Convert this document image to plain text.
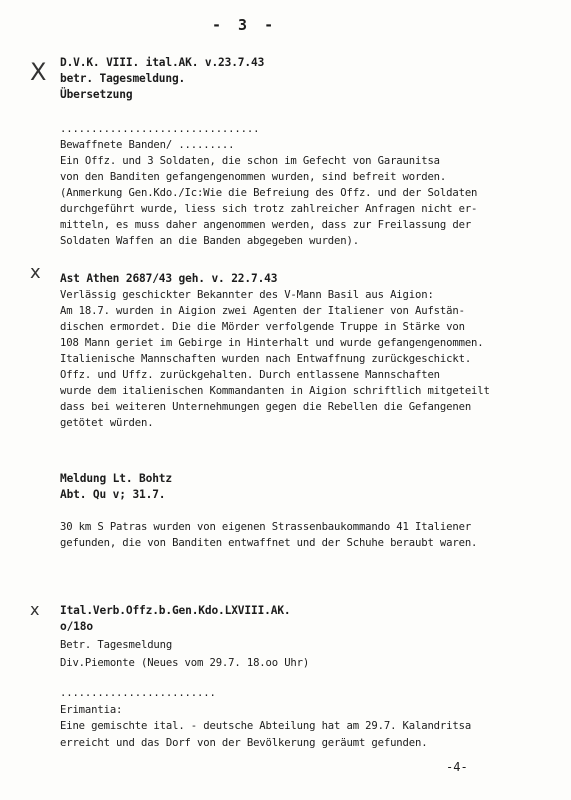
- 3 -
X
x
x
D.V.K. VIII. ital.AK. v.23.7.43
betr. Tagesmeldung.
Übersetzung
................................
Bewaffnete Banden/ .........
Ein Offz. und 3 Soldaten, die schon im Gefecht von Garaunitsa
von den Banditen gefangengenommen wurden, sind befreit worden.
(Anmerkung Gen.Kdo./Ic:Wie die Befreiung des Offz. und der Soldaten
durchgeführt wurde, liess sich trotz zahlreicher Anfragen nicht er-
mitteln, es muss daher angenommen werden, dass zur Freilassung der
Soldaten Waffen an die Banden abgegeben wurden).
Ast Athen 2687/43 geh. v. 22.7.43
Verlässig geschickter Bekannter des V-Mann Basil aus Aigion:
Am 18.7. wurden in Aigion zwei Agenten der Italiener von Aufstän-
dischen ermordet. Die die Mörder verfolgende Truppe in Stärke von
108 Mann geriet im Gebirge in Hinterhalt und wurde gefangengenommen.
Italienische Mannschaften wurden nach Entwaffnung zurückgeschickt.
Offz. und Uffz. zurückgehalten. Durch entlassene Mannschaften
wurde dem italienischen Kommandanten in Aigion schriftlich mitgeteilt
dass bei weiteren Unternehmungen gegen die Rebellen die Gefangenen
getötet würden.
Meldung Lt. Bohtz
Abt. Qu v; 31.7.
30 km S Patras wurden von eigenen Strassenbaukommando 41 Italiener
gefunden, die von Banditen entwaffnet und der Schuhe beraubt waren.
Ital.Verb.Offz.b.Gen.Kdo.LXVIII.AK.
o/18o
Betr. Tagesmeldung
Div.Piemonte (Neues vom 29.7. 18.oo Uhr)
.........................
Erimantia:
Eine gemischte ital. - deutsche Abteilung hat am 29.7. Kalandritsa
erreicht und das Dorf von der Bevölkerung geräumt gefunden.
-4-
